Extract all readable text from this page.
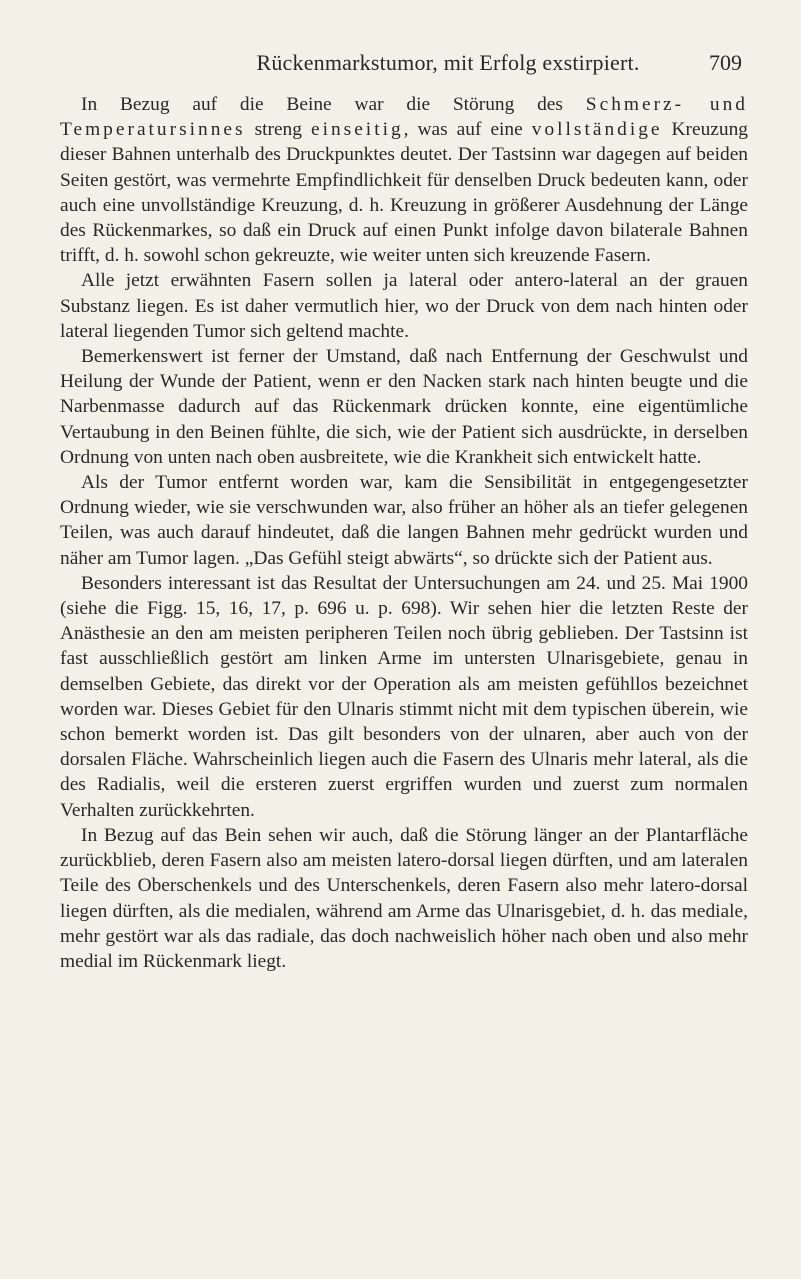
Rückenmarkstumor, mit Erfolg exstirpiert.	709

In Bezug auf die Beine war die Störung des Schmerz- und Temperatursinnes streng einseitig, was auf eine vollständige Kreuzung dieser Bahnen unterhalb des Druckpunktes deutet. Der Tastsinn war dagegen auf beiden Seiten gestört, was vermehrte Empfindlichkeit für denselben Druck bedeuten kann, oder auch eine unvollständige Kreuzung, d. h. Kreuzung in größerer Ausdehnung der Länge des Rückenmarkes, so daß ein Druck auf einen Punkt infolge davon bilaterale Bahnen trifft, d. h. sowohl schon gekreuzte, wie weiter unten sich kreuzende Fasern.

Alle jetzt erwähnten Fasern sollen ja lateral oder antero-lateral an der grauen Substanz liegen. Es ist daher vermutlich hier, wo der Druck von dem nach hinten oder lateral liegenden Tumor sich geltend machte.

Bemerkenswert ist ferner der Umstand, daß nach Entfernung der Geschwulst und Heilung der Wunde der Patient, wenn er den Nacken stark nach hinten beugte und die Narbenmasse dadurch auf das Rückenmark drücken konnte, eine eigentümliche Vertaubung in den Beinen fühlte, die sich, wie der Patient sich ausdrückte, in derselben Ordnung von unten nach oben ausbreitete, wie die Krankheit sich entwickelt hatte.

Als der Tumor entfernt worden war, kam die Sensibilität in entgegengesetzter Ordnung wieder, wie sie verschwunden war, also früher an höher als an tiefer gelegenen Teilen, was auch darauf hindeutet, daß die langen Bahnen mehr gedrückt wurden und näher am Tumor lagen. „Das Gefühl steigt abwärts“, so drückte sich der Patient aus.

Besonders interessant ist das Resultat der Untersuchungen am 24. und 25. Mai 1900 (siehe die Figg. 15, 16, 17, p. 696 u. p. 698). Wir sehen hier die letzten Reste der Anästhesie an den am meisten peripheren Teilen noch übrig geblieben. Der Tastsinn ist fast ausschließlich gestört am linken Arme im untersten Ulnarisgebiete, genau in demselben Gebiete, das direkt vor der Operation als am meisten gefühllos bezeichnet worden war. Dieses Gebiet für den Ulnaris stimmt nicht mit dem typischen überein, wie schon bemerkt worden ist. Das gilt besonders von der ulnaren, aber auch von der dorsalen Fläche. Wahrscheinlich liegen auch die Fasern des Ulnaris mehr lateral, als die des Radialis, weil die ersteren zuerst ergriffen wurden und zuerst zum normalen Verhalten zurückkehrten.

In Bezug auf das Bein sehen wir auch, daß die Störung länger an der Plantarfläche zurückblieb, deren Fasern also am meisten latero-dorsal liegen dürften, und am lateralen Teile des Oberschenkels und des Unterschenkels, deren Fasern also mehr latero-dorsal liegen dürften, als die medialen, während am Arme das Ulnarisgebiet, d. h. das mediale, mehr gestört war als das radiale, das doch nachweislich höher nach oben und also mehr medial im Rückenmark liegt.
